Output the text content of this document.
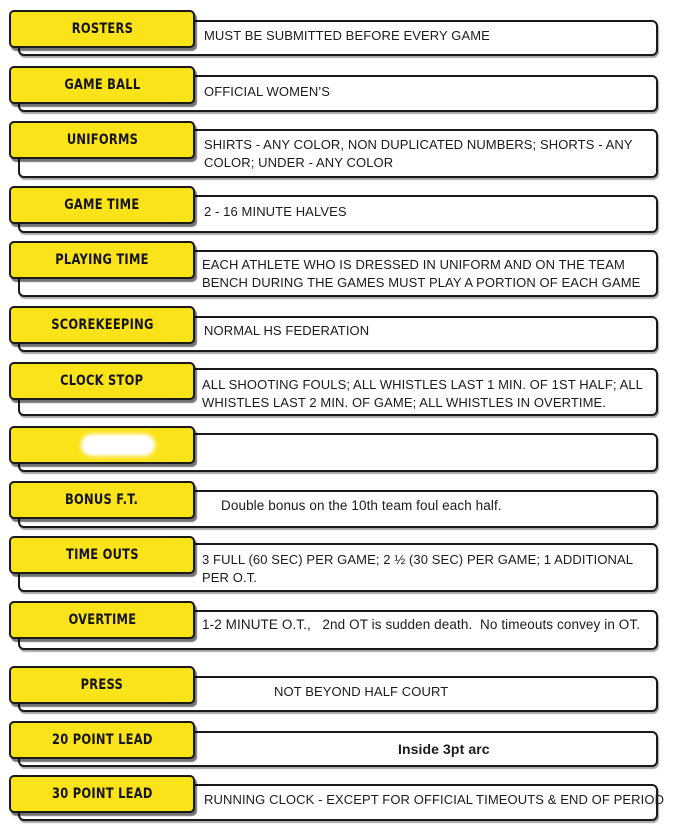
MUST BE SUBMITTED BEFORE EVERY GAME
ROSTERS
OFFICIAL WOMEN’S
GAME BALL
SHIRTS - ANY COLOR, NON DUPLICATED NUMBERS; SHORTS - ANY COLOR; UNDER - ANY COLOR
UNIFORMS
2 - 16 MINUTE HALVES
GAME TIME
EACH ATHLETE WHO IS DRESSED IN UNIFORM AND ON THE TEAM BENCH DURING THE GAMES MUST PLAY A PORTION OF EACH GAME
PLAYING TIME
NORMAL HS FEDERATION
SCOREKEEPING
ALL SHOOTING FOULS; ALL WHISTLES LAST 1 MIN. OF 1ST HALF; ALL WHISTLES LAST 2 MIN. OF GAME; ALL WHISTLES IN OVERTIME.
CLOCK STOP
Double bonus on the 10th team foul each half.
BONUS F.T.
3 FULL (60 SEC) PER GAME; 2 ½ (30 SEC) PER GAME; 1 ADDITIONAL PER O.T.
TIME OUTS
1-2 MINUTE O.T.,   2nd OT is sudden death.  No timeouts convey in OT.
OVERTIME
NOT BEYOND HALF COURT
PRESS
Inside 3pt arc
20 POINT LEAD
RUNNING CLOCK - EXCEPT FOR OFFICIAL TIMEOUTS & END OF PERIOD
30 POINT LEAD
